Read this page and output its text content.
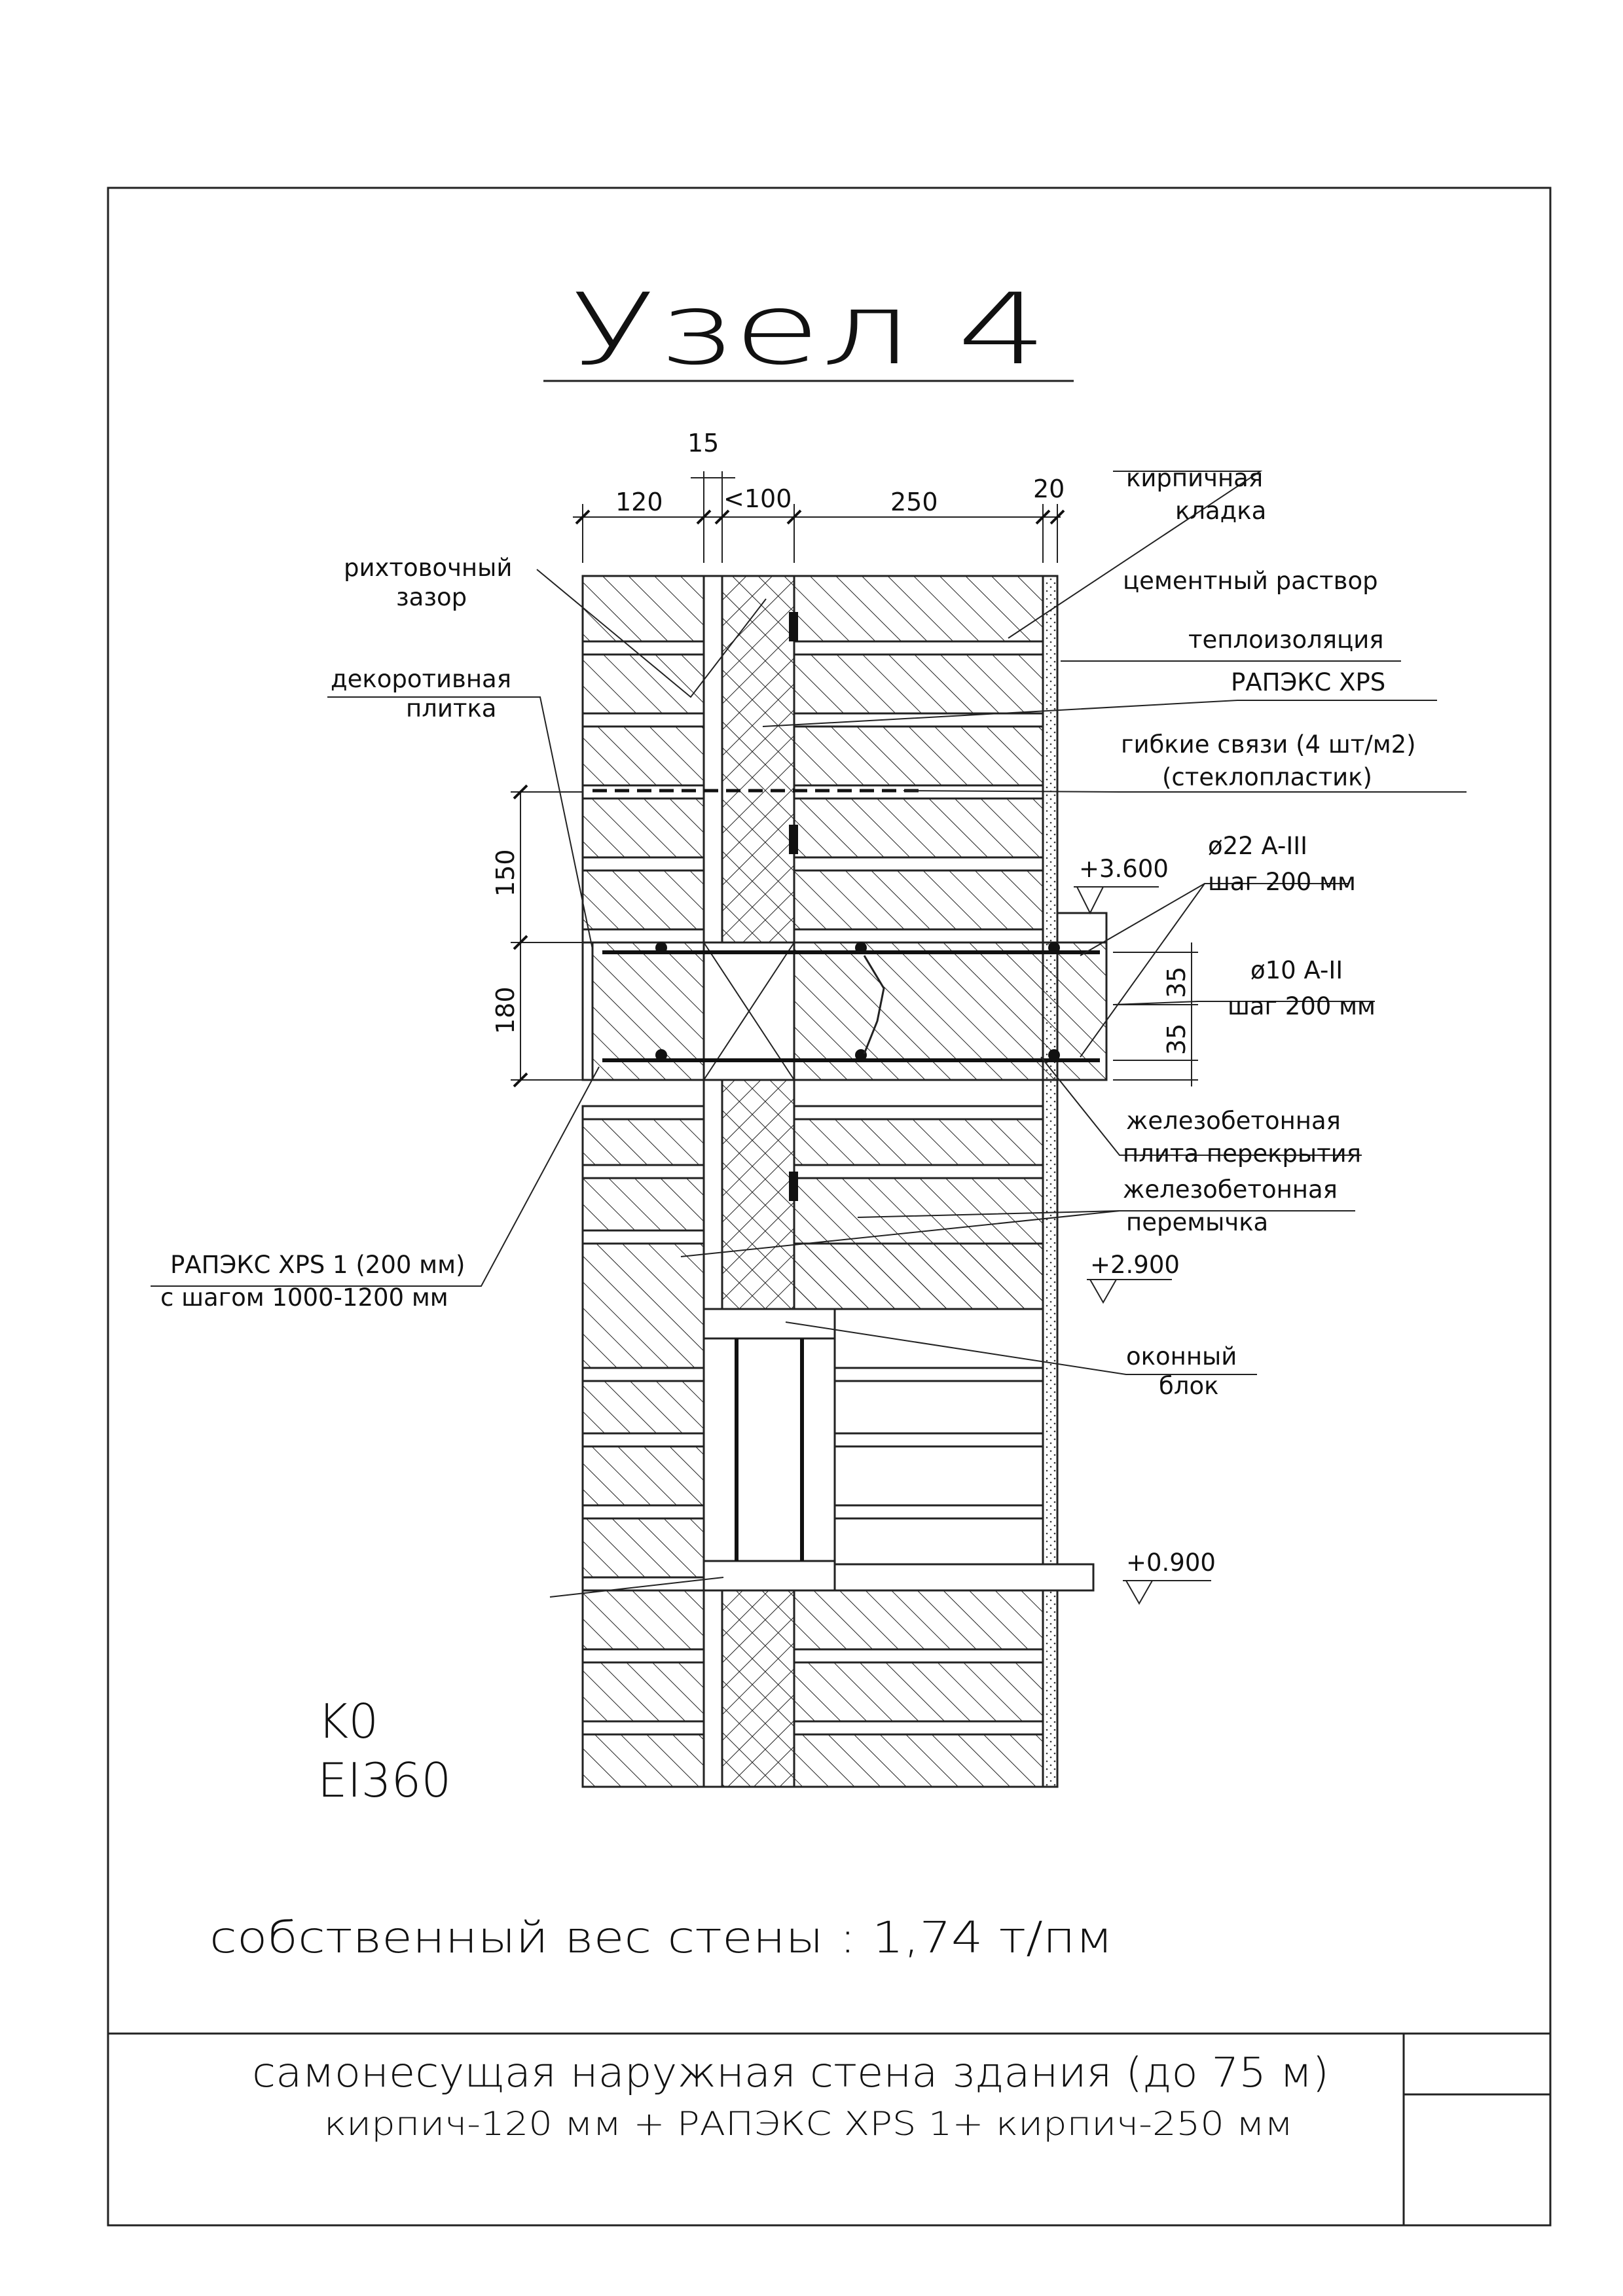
Узел 4
120
15
<100	250	20
150
180
35
35
кирпичная
кладка
рихтовочный
зазор
цементный раствор
теплоизоляция
РАПЭКС XPS
декоротивная
плитка
гибкие связи (4 шт/м2)
(стеклопластик)
+3.600
ø22 A-III
шаг 200 мм
ø10 A-II
шаг 200 мм
железобетонная
плита перекрытия
железобетонная
перемычка
РАПЭКС XPS 1 (200 мм)
с шагом 1000-1200 мм
+2.900
оконный
блок
+0.900
K0
EI360
собственный вес стены : 1,74 т/пм
самонесущая наружная стена здания (до 75 м)
кирпич-120 мм + РАПЭКС XPS 1+ кирпич-250 мм
